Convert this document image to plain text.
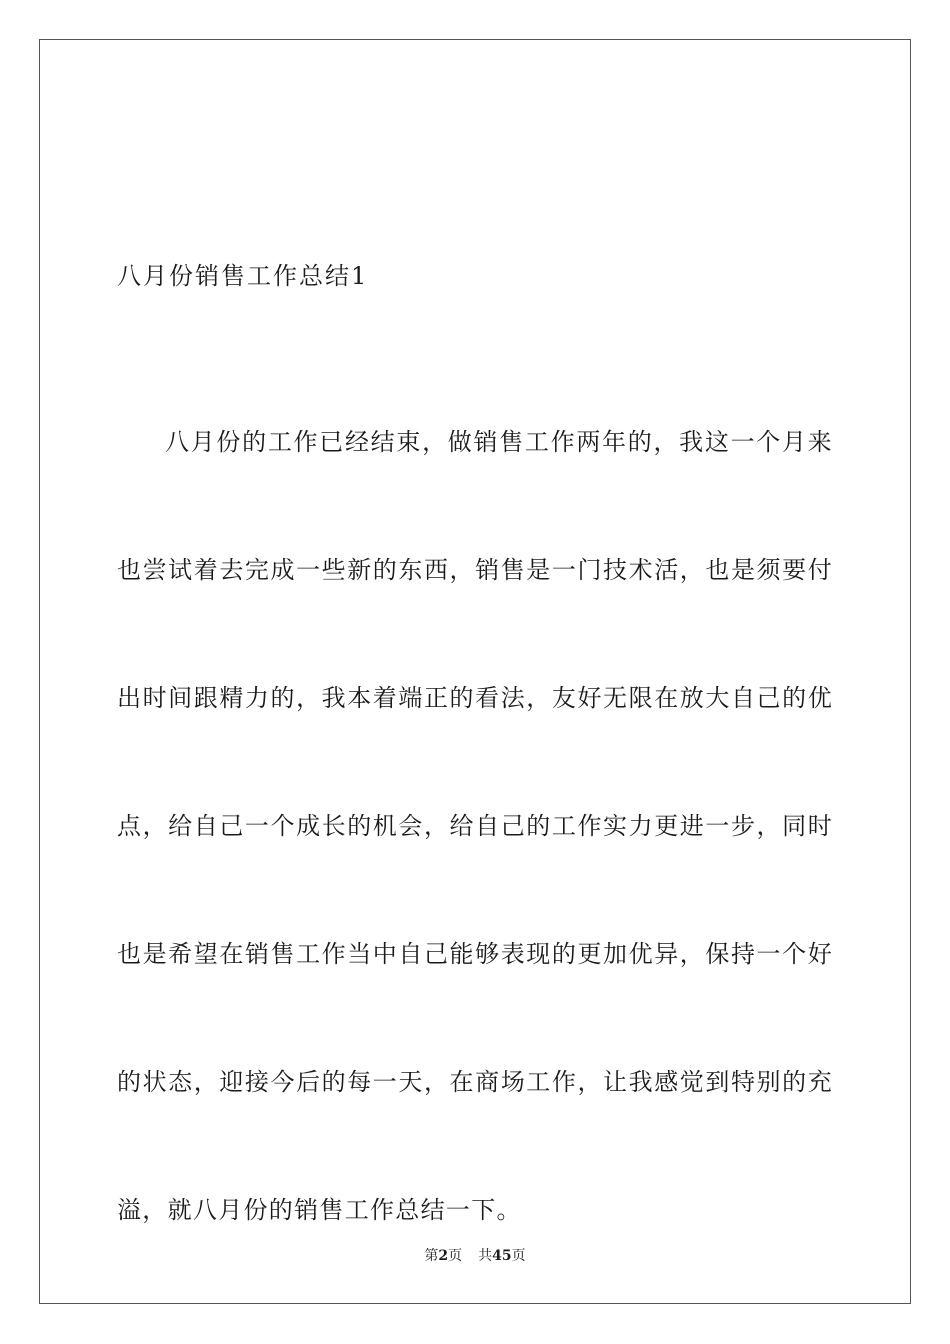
八月份销售工作总结1

八月份的工作已经结束，做销售工作两年的，我这一个月来也尝试着去完成一些新的东西，销售是一门技术活，也是须要付出时间跟精力的，我本着端正的看法，友好无限在放大自己的优点，给自己一个成长的机会，给自己的工作实力更进一步，同时也是希望在销售工作当中自己能够表现的更加优异，保持一个好的状态，迎接今后的每一天，在商场工作，让我感觉到特别的充溢，就八月份的销售工作总结一下。

第2页 共45页
